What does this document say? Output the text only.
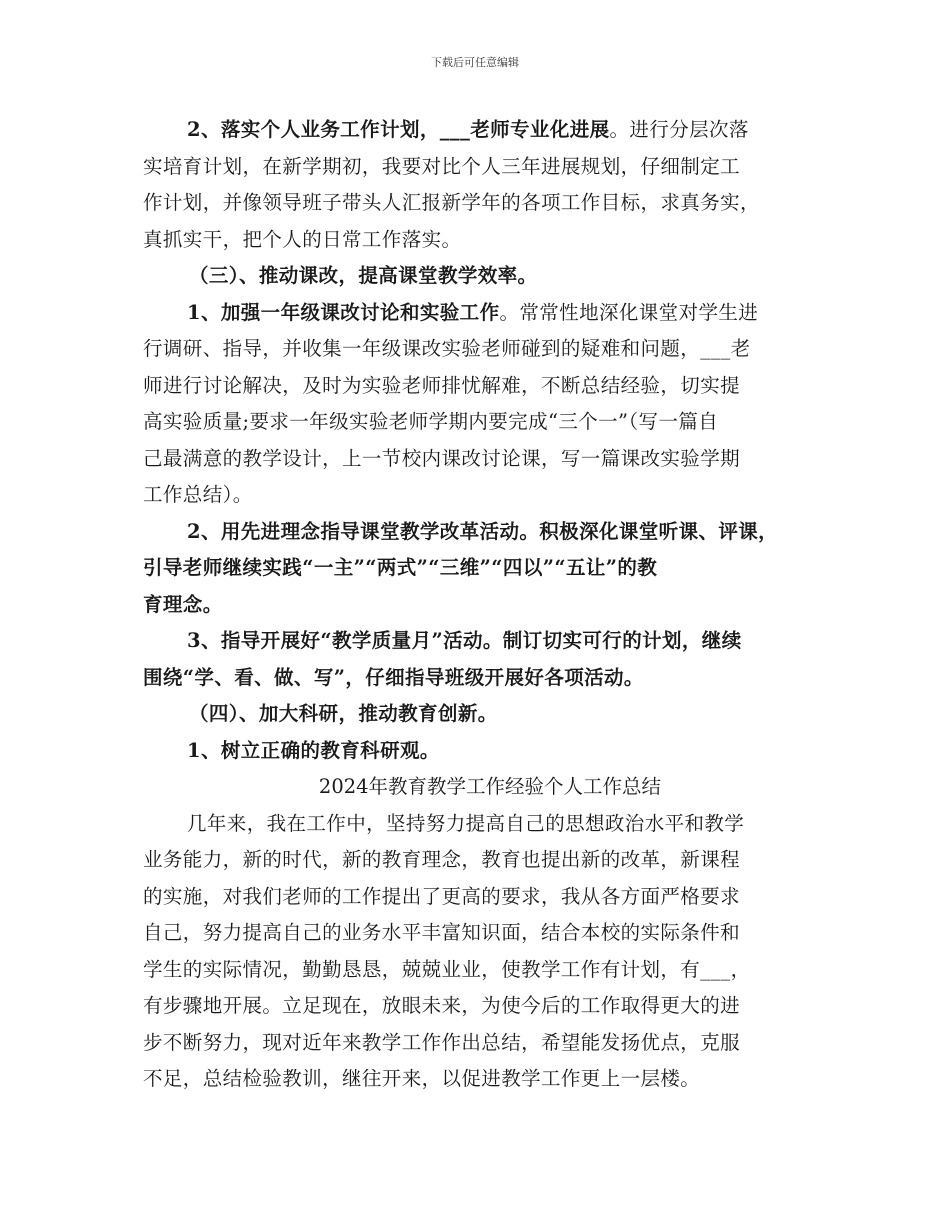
下载后可任意编辑
2、落实个人业务工作计划，___老师专业化进展。进行分层次落
实培育计划，在新学期初，我要对比个人三年进展规划，仔细制定工
作计划，并像领导班子带头人汇报新学年的各项工作目标，求真务实，
真抓实干，把个人的日常工作落实。
（三）、推动课改，提高课堂教学效率。
1、加强一年级课改讨论和实验工作。常常性地深化课堂对学生进
行调研、指导，并收集一年级课改实验老师碰到的疑难和问题，___老
师进行讨论解决，及时为实验老师排忧解难，不断总结经验，切实提
高实验质量;要求一年级实验老师学期内要完成“三个一”（写一篇自
己最满意的教学设计，上一节校内课改讨论课，写一篇课改实验学期
工作总结）。
2、用先进理念指导课堂教学改革活动。积极深化课堂听课、评课，
引导老师继续实践“一主”“两式”“三维”“四以”“五让”的教
育理念。
3、指导开展好“教学质量月”活动。制订切实可行的计划，继续
围绕“学、看、做、写”，仔细指导班级开展好各项活动。
（四）、加大科研，推动教育创新。
1、树立正确的教育科研观。
2024年教育教学工作经验个人工作总结
几年来，我在工作中，坚持努力提高自己的思想政治水平和教学
业务能力，新的时代，新的教育理念，教育也提出新的改革，新课程
的实施，对我们老师的工作提出了更高的要求，我从各方面严格要求
自己，努力提高自己的业务水平丰富知识面，结合本校的实际条件和
学生的实际情况，勤勤恳恳，兢兢业业，使教学工作有计划，有___，
有步骤地开展。立足现在，放眼未来，为使今后的工作取得更大的进
步不断努力，现对近年来教学工作作出总结，希望能发扬优点，克服
不足，总结检验教训，继往开来，以促进教学工作更上一层楼。
